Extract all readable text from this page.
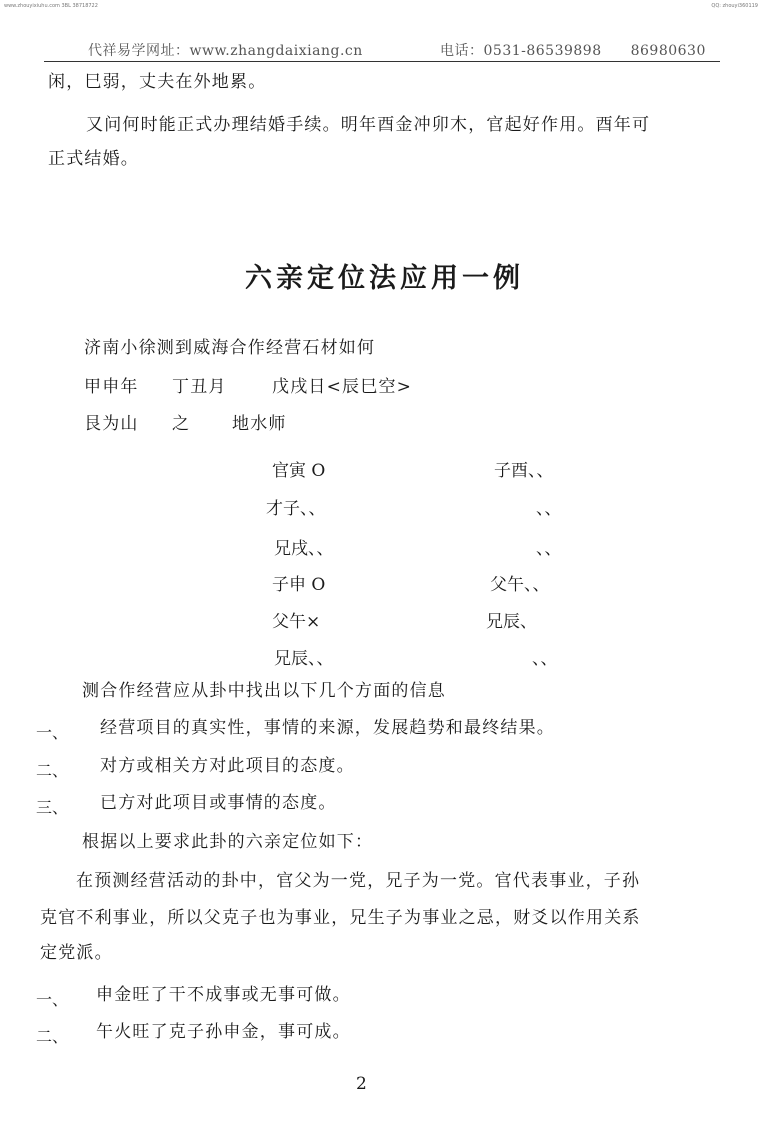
www.zhouyixiuhu.com 3BL 38718722	QQ: zhouyi360119
代祥易学网址：www.zhangdaixiang.cn	电话：0531-86539898　　86980630
闲，巳弱，丈夫在外地累。
又问何时能正式办理结婚手续。明年酉金冲卯木，官起好作用。酉年可
正式结婚。
六亲定位法应用一例
济南小徐测到威海合作经营石材如何
甲申年 丁丑月	戊戌日<辰巳空>
艮为山 之 地水师
官寅 O	子酉、、
才子、、	、、
兄戌、、	、、
子申 O	父午、、
父午×	兄辰、
兄辰、、	、、
测合作经营应从卦中找出以下几个方面的信息
一、 经营项目的真实性，事情的来源，发展趋势和最终结果。
二、 对方或相关方对此项目的态度。
三、 已方对此项目或事情的态度。
根据以上要求此卦的六亲定位如下：
在预测经营活动的卦中，官父为一党，兄子为一党。官代表事业，子孙
克官不利事业，所以父克子也为事业，兄生子为事业之忌，财爻以作用关系
定党派。
一、 申金旺了干不成事或无事可做。
二、 午火旺了克子孙申金，事可成。
2
